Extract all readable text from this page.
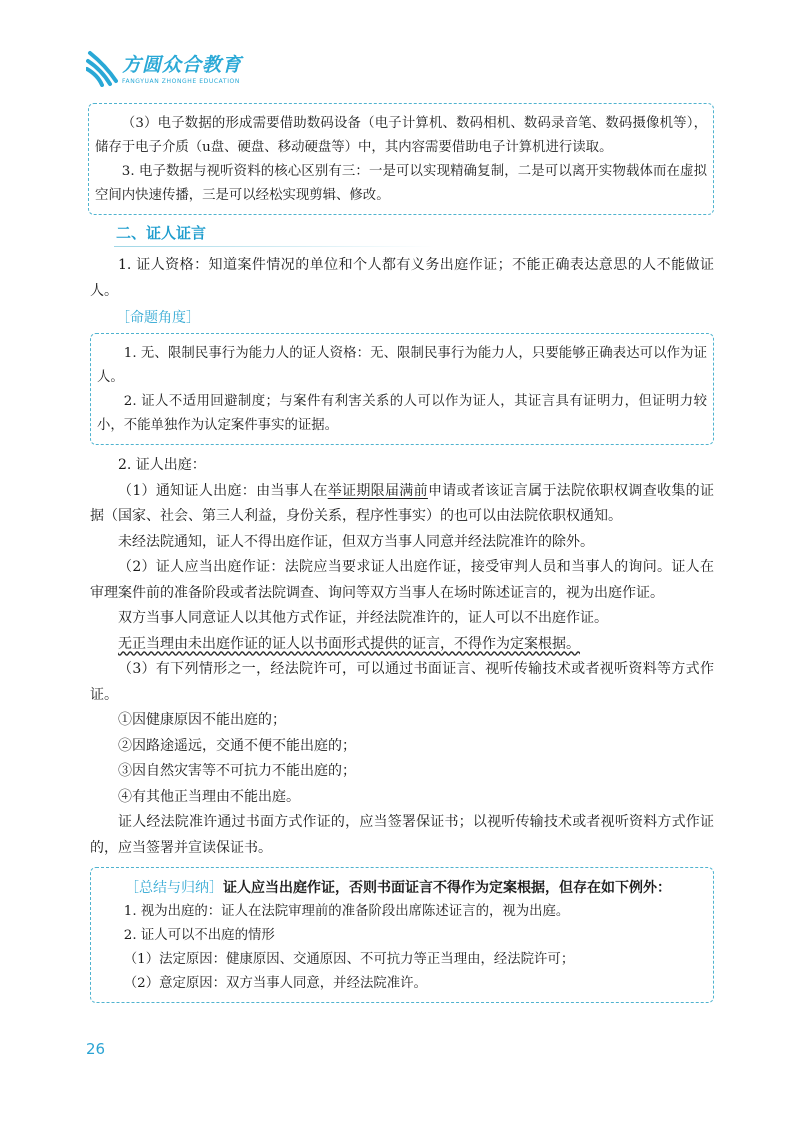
方圆众合教育
FANGYUAN ZHONGHE EDUCATION

（3）电子数据的形成需要借助数码设备（电子计算机、数码相机、数码录音笔、数码摄像机等），储存于电子介质（u盘、硬盘、移动硬盘等）中，其内容需要借助电子计算机进行读取。

3. 电子数据与视听资料的核心区别有三：一是可以实现精确复制，二是可以离开实物载体而在虚拟空间内快速传播，三是可以经松实现剪辑、修改。

二、证人证言

1. 证人资格：知道案件情况的单位和个人都有义务出庭作证；不能正确表达意思的人不能做证人。

［命题角度］

1. 无、限制民事行为能力人的证人资格：无、限制民事行为能力人，只要能够正确表达可以作为证人。

2. 证人不适用回避制度；与案件有利害关系的人可以作为证人，其证言具有证明力，但证明力较小，不能单独作为认定案件事实的证据。

2. 证人出庭：

（1）通知证人出庭：由当事人在举证期限届满前申请或者该证言属于法院依职权调查收集的证据（国家、社会、第三人利益，身份关系，程序性事实）的也可以由法院依职权通知。

未经法院通知，证人不得出庭作证，但双方当事人同意并经法院准许的除外。

（2）证人应当出庭作证：法院应当要求证人出庭作证，接受审判人员和当事人的询问。证人在审理案件前的准备阶段或者法院调查、询问等双方当事人在场时陈述证言的，视为出庭作证。

双方当事人同意证人以其他方式作证，并经法院准许的，证人可以不出庭作证。

无正当理由未出庭作证的证人以书面形式提供的证言，不得作为定案根据。

（3）有下列情形之一，经法院许可，可以通过书面证言、视听传输技术或者视听资料等方式作证。

①因健康原因不能出庭的；

②因路途遥远，交通不便不能出庭的；

③因自然灾害等不可抗力不能出庭的；

④有其他正当理由不能出庭。

证人经法院准许通过书面方式作证的，应当签署保证书；以视听传输技术或者视听资料方式作证的，应当签署并宣读保证书。

［总结与归纳］证人应当出庭作证，否则书面证言不得作为定案根据，但存在如下例外：

1. 视为出庭的：证人在法院审理前的准备阶段出席陈述证言的，视为出庭。

2. 证人可以不出庭的情形

（1）法定原因：健康原因、交通原因、不可抗力等正当理由，经法院许可；

（2）意定原因：双方当事人同意，并经法院准许。

26
